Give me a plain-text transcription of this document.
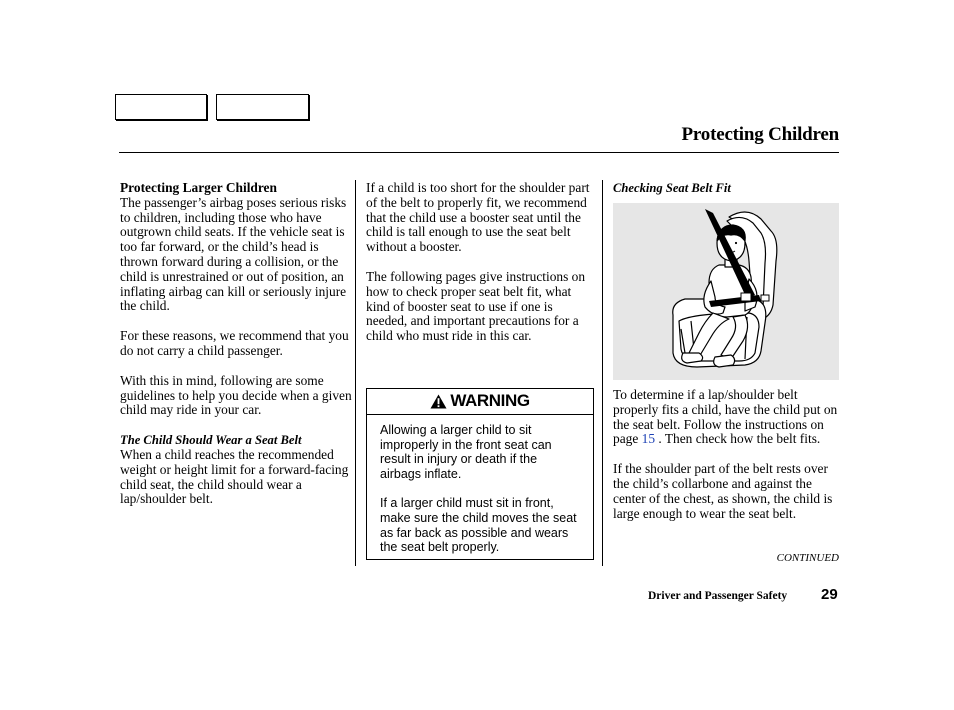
Protecting Children
Protecting Larger Children

The passenger’s airbag poses serious risks to children, including those who have outgrown child seats. If the vehicle seat is too far forward, or the child’s head is thrown forward during a collision, or the child is unrestrained or out of position, an inflating airbag can kill or seriously injure the child.

For these reasons, we recommend that you do not carry a child passenger.

With this in mind, following are some guidelines to help you decide when a given child may ride in your car.

The Child Should Wear a Seat Belt

When a child reaches the recommended weight or height limit for a forward-facing child seat, the child should wear a lap/shoulder belt.

If a child is too short for the shoulder part of the belt to properly fit, we recommend that the child use a booster seat until the child is tall enough to use the seat belt without a booster.

The following pages give instructions on how to check proper seat belt fit, what kind of booster seat to use if one is needed, and important precautions for a child who must ride in this car.

WARNING

Allowing a larger child to sit improperly in the front seat can result in injury or death if the airbags inflate.

If a larger child must sit in front, make sure the child moves the seat as far back as possible and wears the seat belt properly.

Checking Seat Belt Fit

To determine if a lap/shoulder belt properly fits a child, have the child put on the seat belt. Follow the instructions on page 15 . Then check how the belt fits.

If the shoulder part of the belt rests over the child’s collarbone and against the center of the chest, as shown, the child is large enough to wear the seat belt.

CONTINUED
Driver and Passenger Safety 29
